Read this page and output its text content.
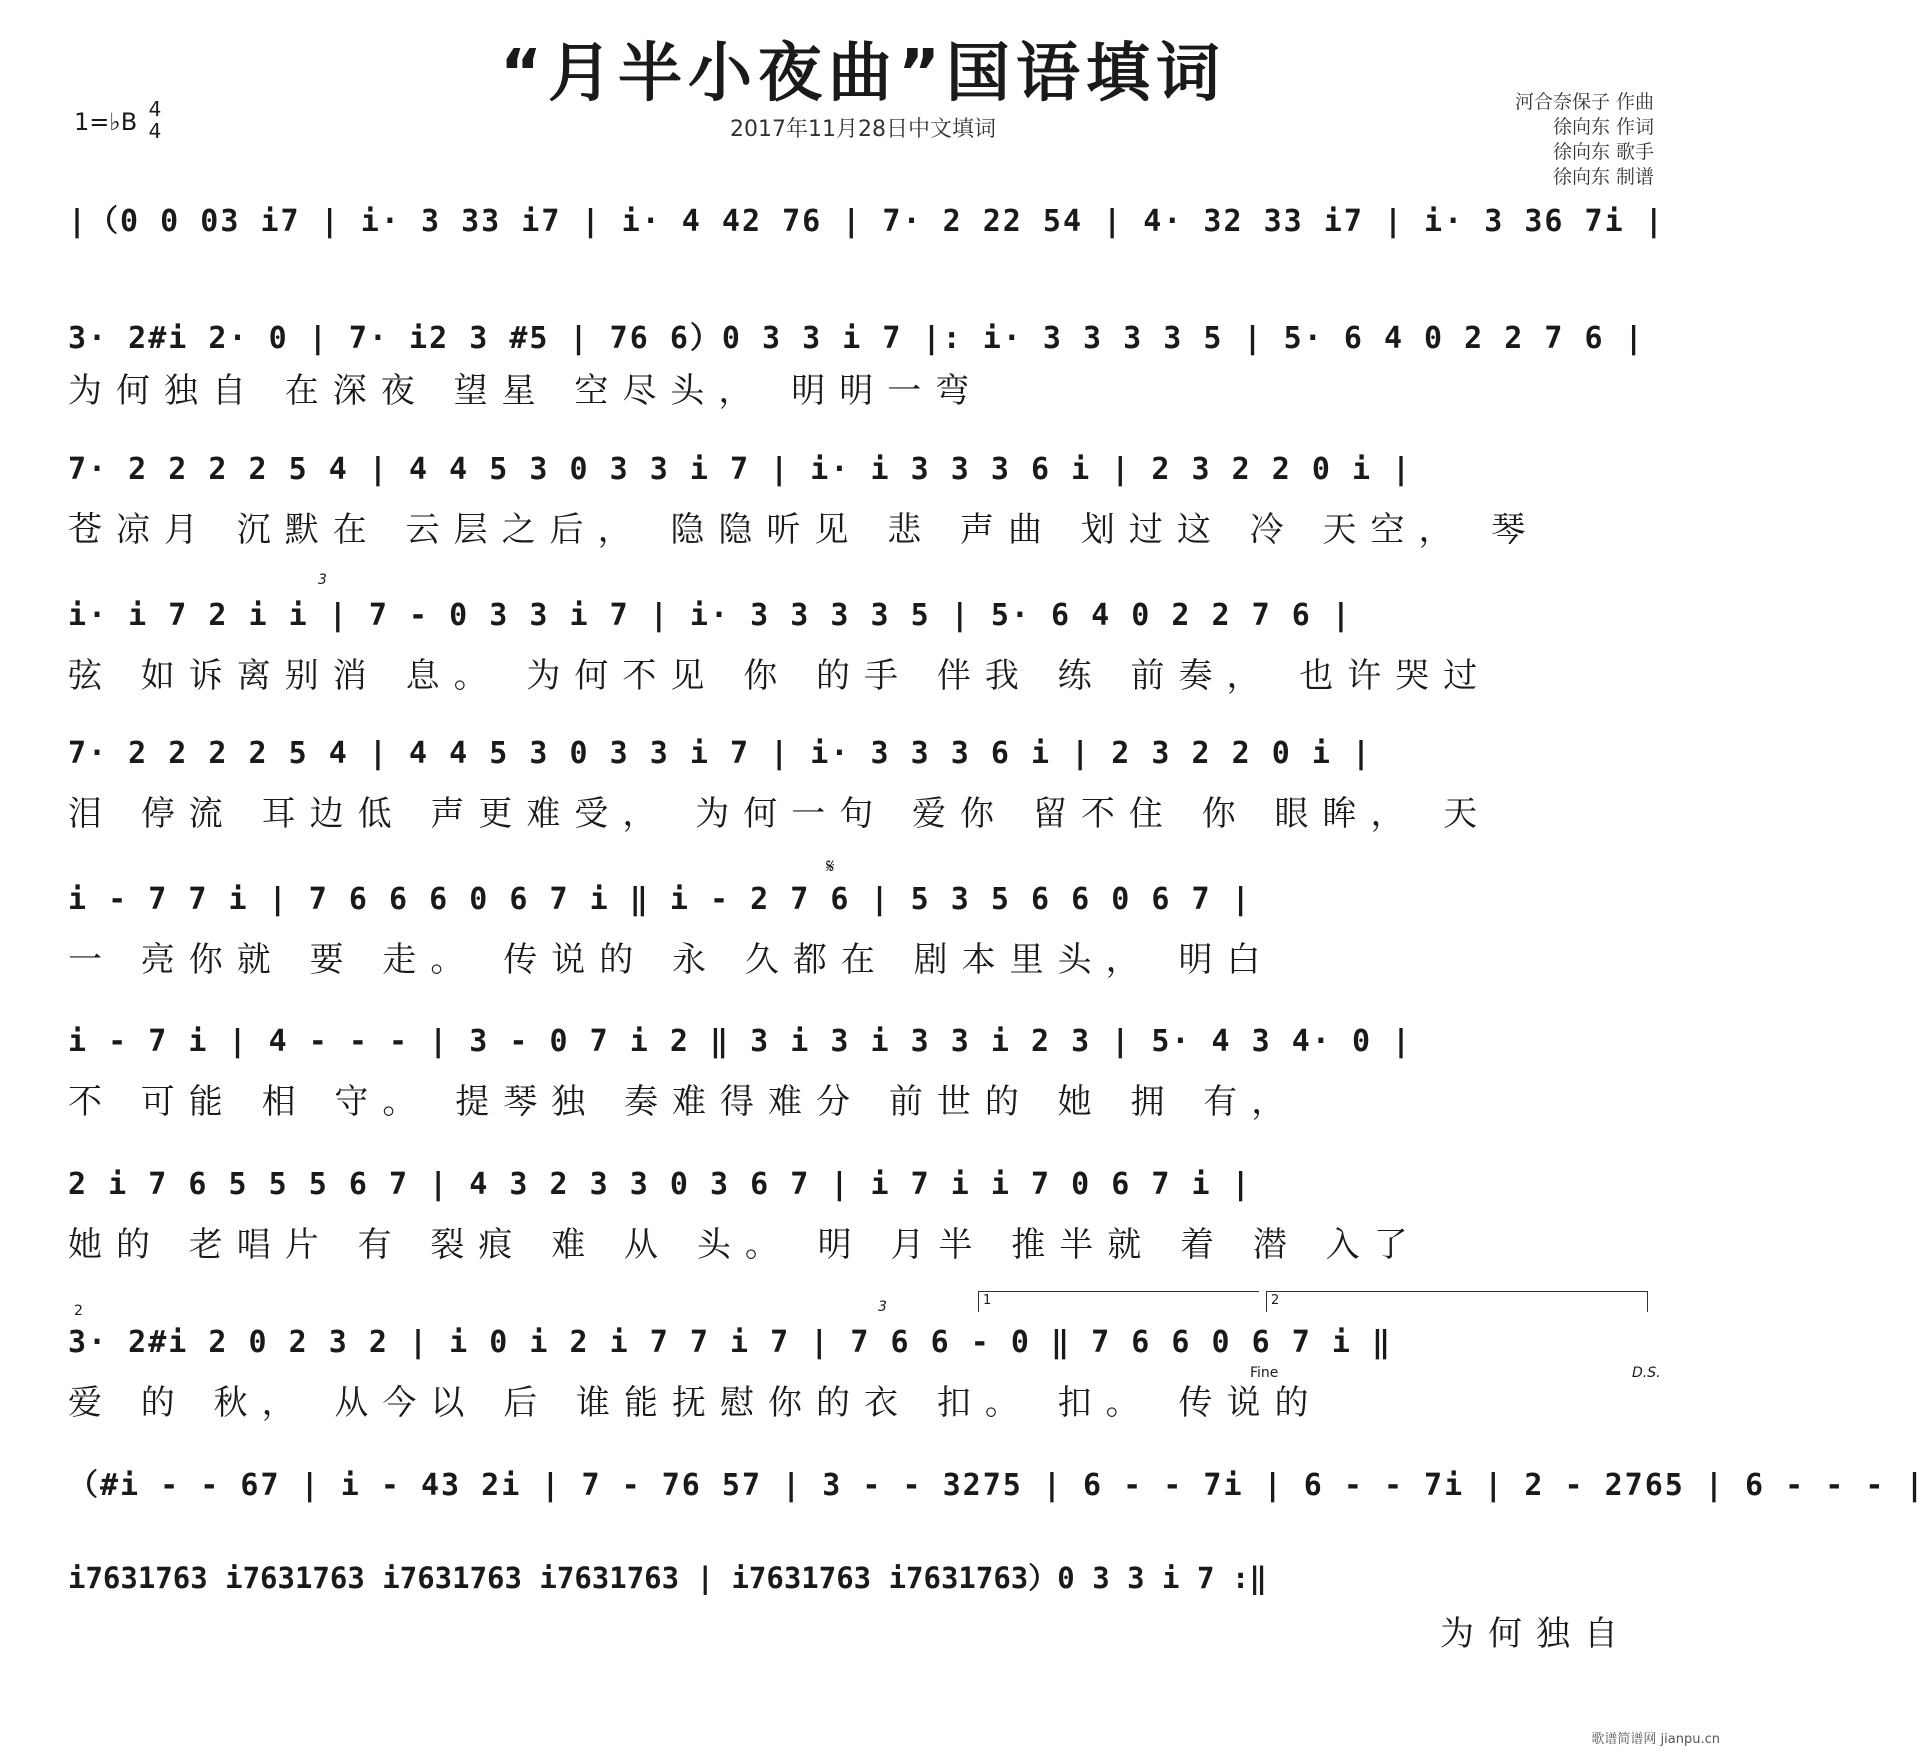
“月半小夜曲”国语填词
2017年11月28日中文填词
1=♭B 4
4
河合奈保子 作曲
徐向东 作词
徐向东 歌手
徐向东 制谱
|（0 0 03 i7 | i· 3 33 i7 | i· 4 42 76 | 7· 2 22 54 | 4· 32 33 i7 | i· 3 36 7i |
3· 2#i 2· 0 | 7· i2 3 #5 | 76 6）0 3 3 i 7 |: i· 3 3 3 3 5 | 5· 6 4 0 2 2 7 6 |
为何独自 在深夜 望星 空尽头， 明明一弯
7· 2 2 2 2 5 4 | 4 4 5 3 0 3 3 i 7 | i· i 3 3 3 6 i | 2 3 2 2 0 i |
苍凉月 沉默在 云层之后， 隐隐听见 悲 声曲 划过这 冷 天空， 琴
i· i 7 2 i i | 7 - 0 3 3 i 7 | i· 3 3 3 3 5 | 5· 6 4 0 2 2 7 6 |
弦 如诉离别消 息。 为何不见 你 的手 伴我 练 前奏， 也许哭过
3
7· 2 2 2 2 5 4 | 4 4 5 3 0 3 3 i 7 | i· 3 3 3 6 i | 2 3 2 2 0 i |
泪 停流 耳边低 声更难受， 为何一句 爱你 留不住 你 眼眸， 天
i - 7 7 i | 7 6 6 6 0 6 7 i ‖ i - 2 7 6 | 5 3 5 6 6 0 6 7 |
一 亮你就 要 走。 传说的 永 久都在 剧本里头， 明白
𝄋
i - 7 i | 4 - - - | 3 - 0 7 i 2 ‖ 3 i 3 i 3 3 i 2 3 | 5· 4 3 4· 0 |
不 可能 相 守。 提琴独 奏难得难分 前世的 她 拥 有，
2 i 7 6 5 5 5 6 7 | 4 3 2 3 3 0 3 6 7 | i 7 i i 7 0 6 7 i |
她的 老唱片 有 裂痕 难 从 头。 明 月半 推半就 着 潜 入了
3· 2#i 2 0 2 3 2 | i 0 i 2 i 7 7 i 7 | 7 6 6 - 0 ‖ 7 6 6 0 6 7 i ‖
爱 的 秋， 从今以 后 谁能抚慰你的衣 扣。 扣。 传说的
2	3	1	2
Fine	D.S.
（#i - - 67 | i - 43 2i | 7 - 76 57 | 3 - - 3275 | 6 - - 7i | 6 - - 7i | 2 - 2765 | 6 - - - |
i7631763 i7631763 i7631763 i7631763 | i7631763 i7631763）0 3 3 i 7 :‖
为何独自
歌谱简谱网 jianpu.cn
